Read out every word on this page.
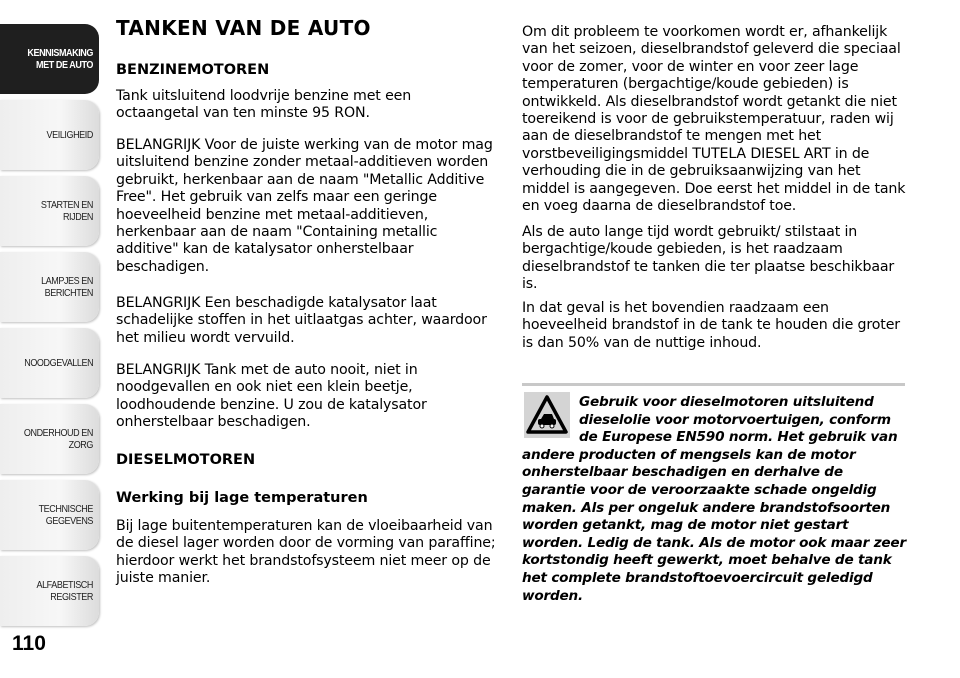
KENNISMAKING MET DE AUTO
VEILIGHEID
STARTEN EN RIJDEN
LAMPJES EN BERICHTEN
NOODGEVALLEN
ONDERHOUD EN ZORG
TECHNISCHE GEGEVENS
ALFABETISCH REGISTER
110
TANKEN VAN DE AUTO
BENZINEMOTOREN

Tank uitsluitend loodvrije benzine met een octaangetal van ten minste 95 RON.

BELANGRIJK Voor de juiste werking van de motor mag uitsluitend benzine zonder metaal-additieven worden gebruikt, herkenbaar aan de naam "Metallic Additive Free". Het gebruik van zelfs maar een geringe hoeveelheid benzine met metaal-additieven, herkenbaar aan de naam "Containing metallic additive" kan de katalysator onherstelbaar beschadigen.

BELANGRIJK Een beschadigde katalysator laat schadelijke stoffen in het uitlaatgas achter, waardoor het milieu wordt vervuild.

BELANGRIJK Tank met de auto nooit, niet in noodgevallen en ook niet een klein beetje, loodhoudende benzine. U zou de katalysator onherstelbaar beschadigen.

DIESELMOTOREN
Werking bij lage temperaturen

Bij lage buitentemperaturen kan de vloeibaarheid van de diesel lager worden door de vorming van paraffine; hierdoor werkt het brandstofsysteem niet meer op de juiste manier.

Om dit probleem te voorkomen wordt er, afhankelijk van het seizoen, dieselbrandstof geleverd die speciaal voor de zomer, voor de winter en voor zeer lage temperaturen (bergachtige/koude gebieden) is ontwikkeld. Als dieselbrandstof wordt getankt die niet toereikend is voor de gebruikstemperatuur, raden wij aan de dieselbrandstof te mengen met het vorstbeveiligingsmiddel TUTELA DIESEL ART in de verhouding die in de gebruiksaanwijzing van het middel is aangegeven. Doe eerst het middel in de tank en voeg daarna de dieselbrandstof toe.

Als de auto lange tijd wordt gebruikt/ stilstaat in bergachtige/koude gebieden, is het raadzaam dieselbrandstof te tanken die ter plaatse beschikbaar is.

In dat geval is het bovendien raadzaam een hoeveelheid brandstof in de tank te houden die groter is dan 50% van de nuttige inhoud.

Gebruik voor dieselmotoren uitsluitend dieselolie voor motorvoertuigen, conform de Europese EN590 norm. Het gebruik van andere producten of mengsels kan de motor onherstelbaar beschadigen en derhalve de garantie voor de veroorzaakte schade ongeldig maken. Als per ongeluk andere brandstofsoorten worden getankt, mag de motor niet gestart worden. Ledig de tank. Als de motor ook maar zeer kortstondig heeft gewerkt, moet behalve de tank het complete brandstoftoevoercircuit geledigd worden.
